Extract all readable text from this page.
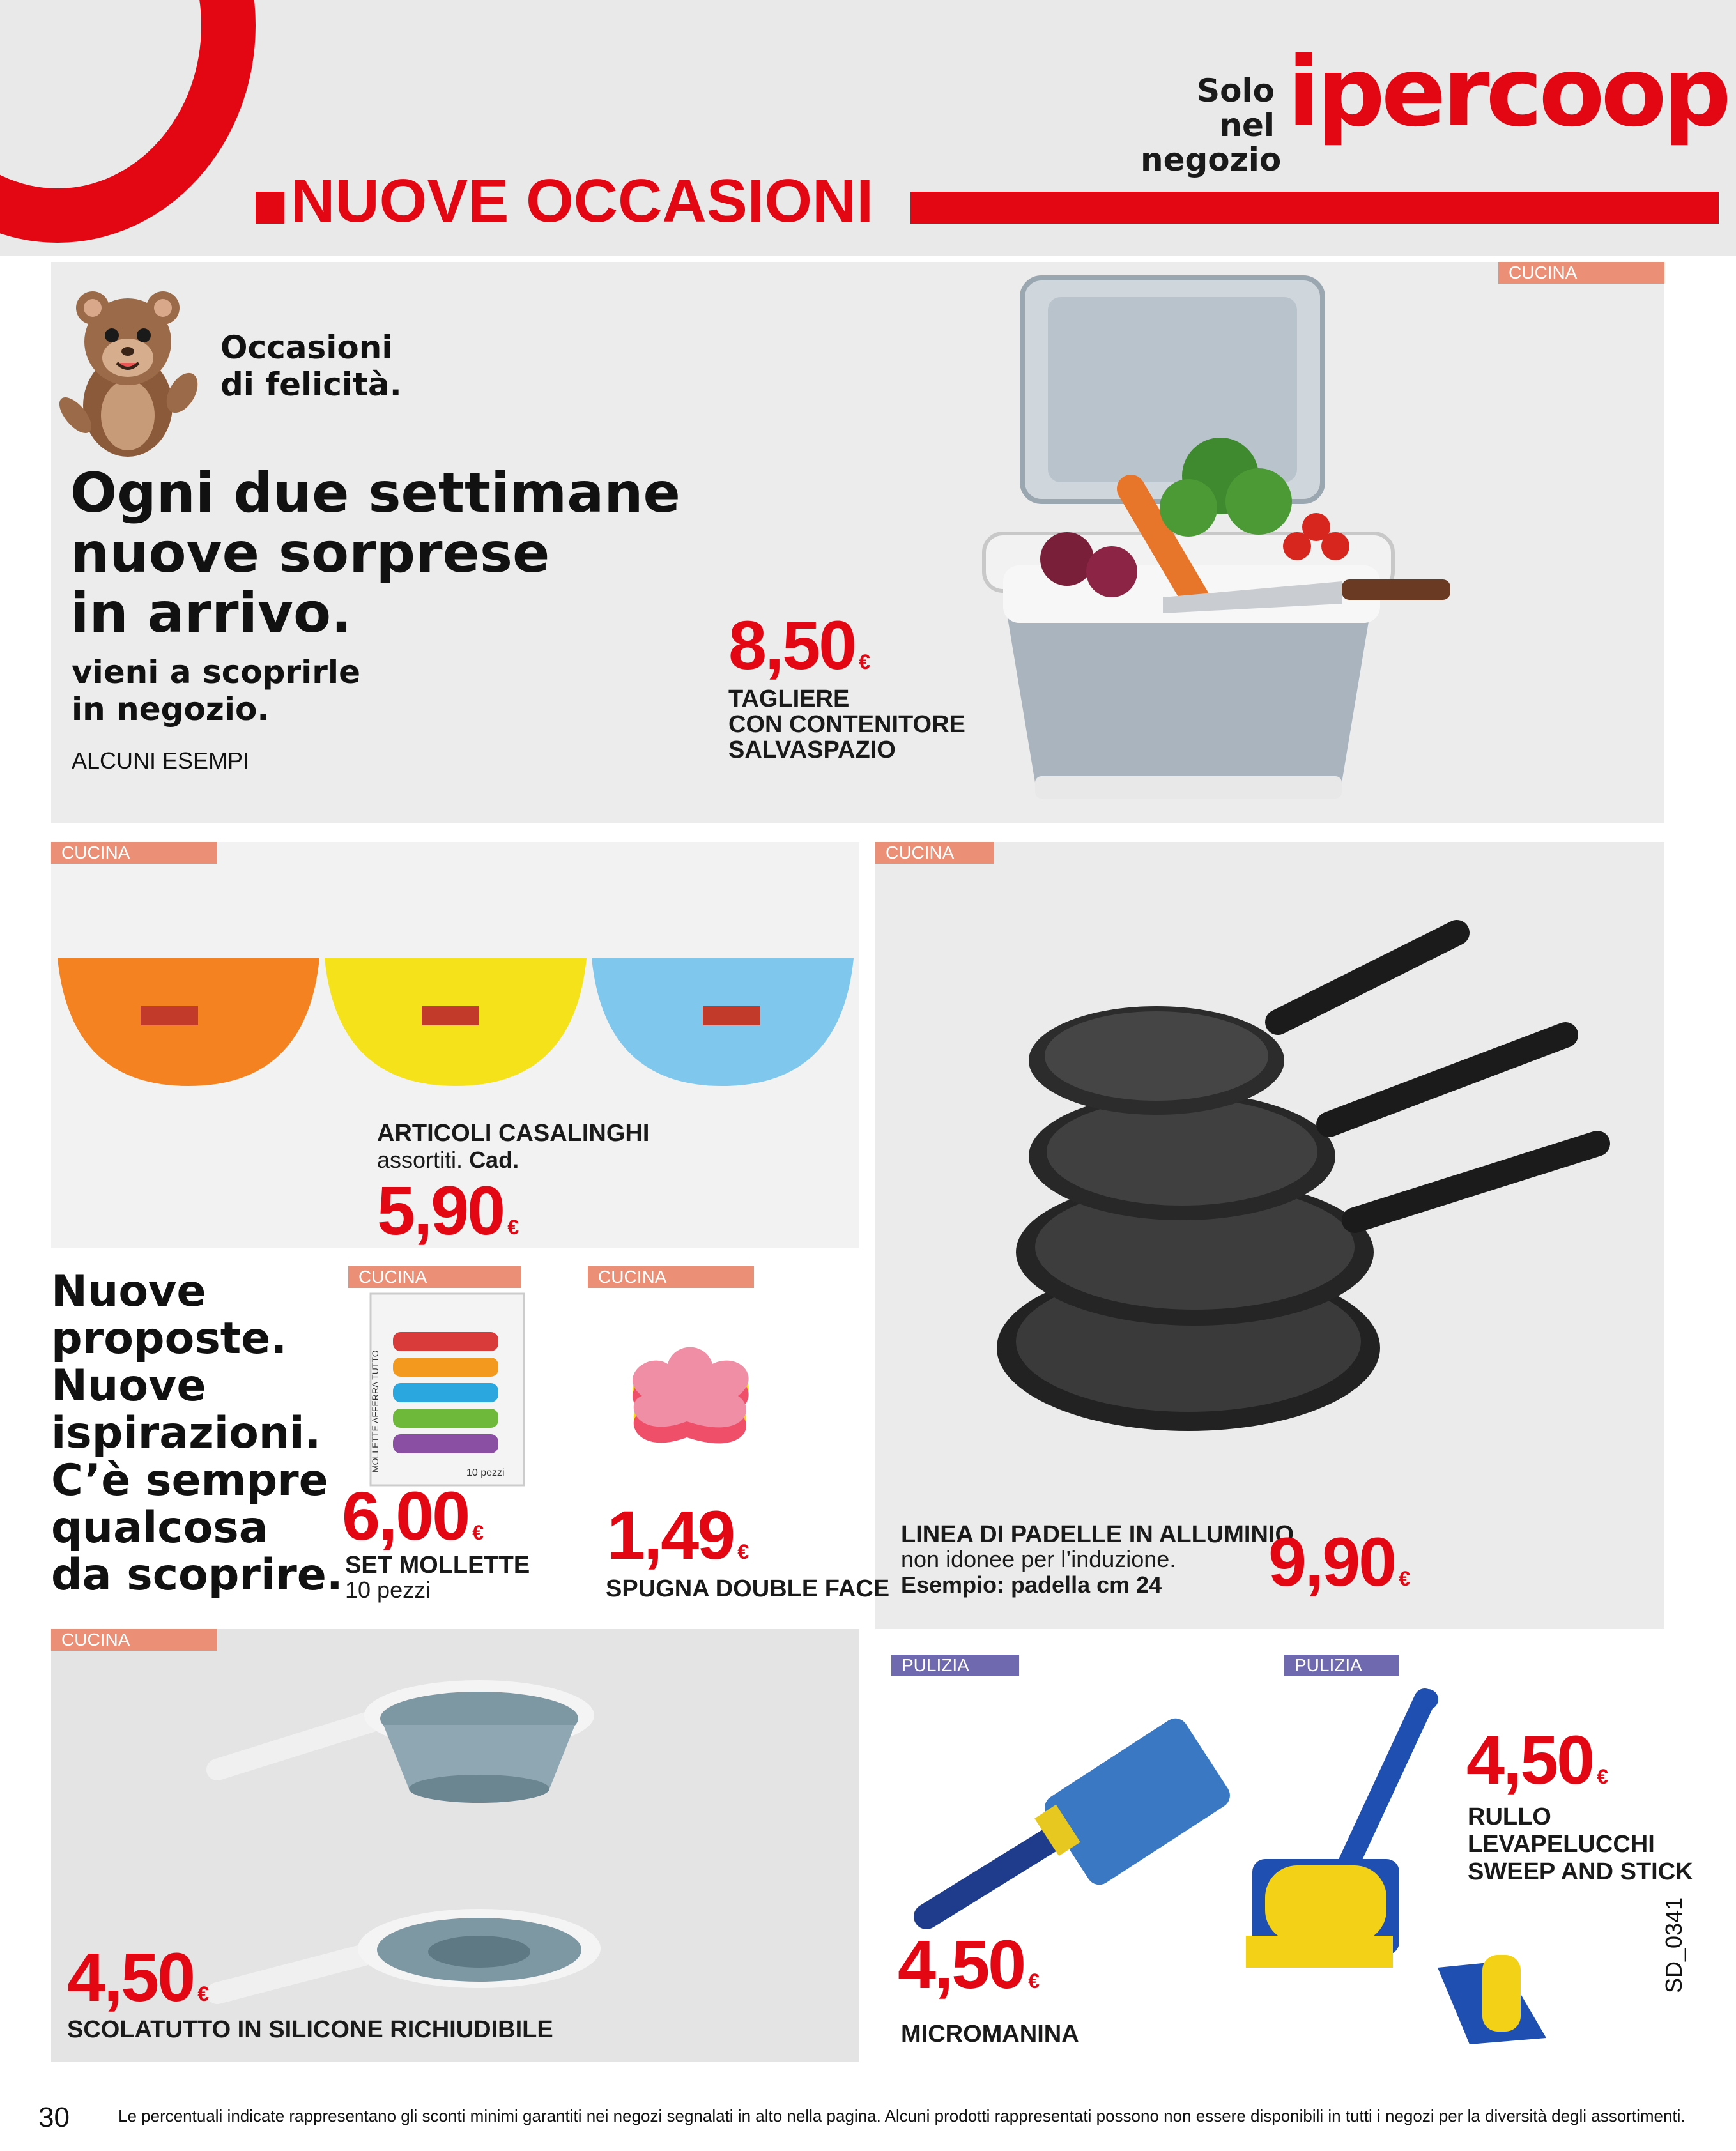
Solo nel
negozio
ipercoop
NUOVE OCCASIONI
CUCINA
Occasioni
di felicità.
Ogni due settimane
nuove sorprese
in arrivo.
vieni a scoprirle
in negozio.
ALCUNI ESEMPI
8,50 €
TAGLIERE
CON CONTENITORE
SALVASPAZIO
CUCINA
ARTICOLI CASALINGHI
assortiti. Cad.
5,90 €
CUCINA
LINEA DI PADELLE IN ALLUMINIO
non idonee per l’induzione.
Esempio: padella cm 24 9,90 €
Nuove
proposte.
Nuove
ispirazioni.
C’è sempre
qualcosa
da scoprire.
CUCINA
MOLLETTE AFFERRA TUTTO
10 pezzi
6,00 €
SET MOLLETTE
10 pezzi
CUCINA
1,49 €
SPUGNA DOUBLE FACE
CUCINA
4,50 €
SCOLATUTTO IN SILICONE RICHIUDIBILE
PULIZIA
4,50 €
MICROMANINA
PULIZIA
4,50 €
RULLO
LEVAPELUCCHI
SWEEP AND STICK
30	Le percentuali indicate rappresentano gli sconti minimi garantiti nei negozi segnalati in alto nella pagina. Alcuni prodotti rappresentati possono non essere disponibili in tutti i negozi per la diversità degli assortimenti.
SD_0341
